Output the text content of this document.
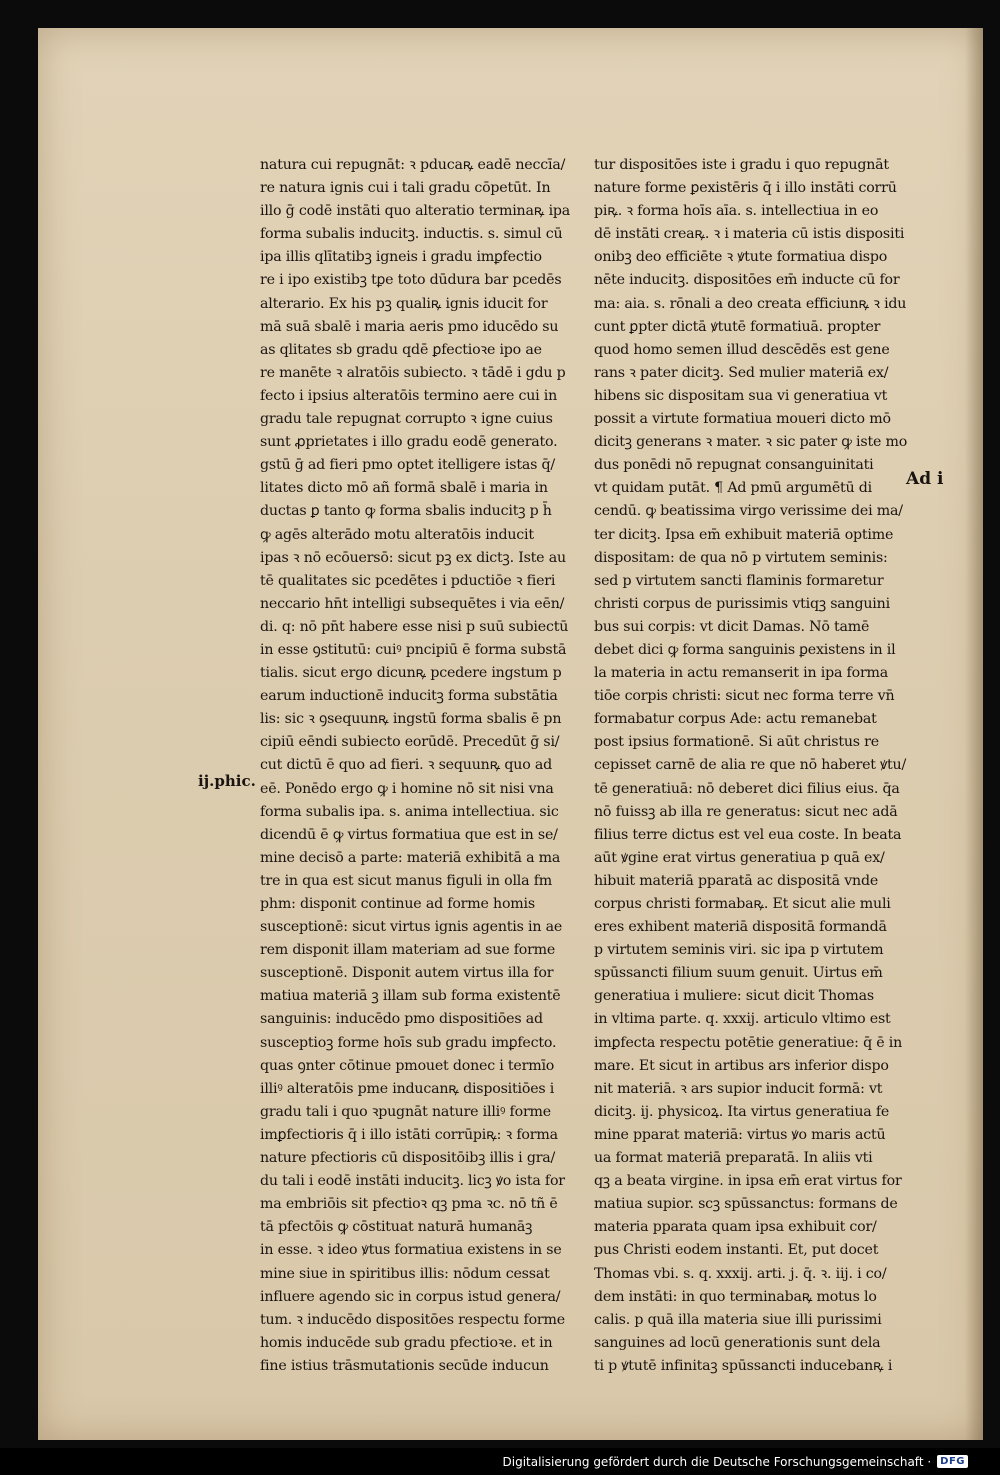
natura cui repugnāt: ꝛ pducaꝶ eadē neccīa/
re natura ignis cui i tali gradu cōpetūt. In
illo ḡ codē instāti quo alteratio terminaꝶ ipa
forma subalis inducitꝫ. inductis. s. simul cū
ipa illis qlītatibꝫ igneis i gradu imꝑfectio
re i ipo existibꝫ tꝑe toto dūdura bar pcedēs
alterario. Ex his pꝫ qualiꝶ ignis iducit for
mā suā sbalē i maria aeris pmo iducēdo su
as qlitates sb gradu qdē ꝑfectioꝛe ipo ae
re manēte ꝛ alratōis subiecto. ꝛ tādē i gdu p
fecto i ipsius alteratōis termino aere cui in
gradu tale repugnat corrupto ꝛ igne cuius
sunt ꝓprietates i illo gradu eodē generato.
gstū ḡ ad fieri pmo optet itelligere istas q̄/
litates dicto mō añ formā sbalē i maria in
ductas ꝑ tanto ꝙ forma sbalis inducitꝫ p h̄
ꝙ agēs alterādo motu alteratōis inducit
ipas ꝛ nō ecōuersō: sicut pꝫ ex dictꝫ. Iste au
tē qualitates sic pcedētes i pductiōe ꝛ fieri
neccario hn̄t intelligi subsequētes i via eēn/
di. q: nō pn̄t habere esse nisi p suū subiectū
in esse ꝯstitutū: cuiꝰ pncipiū ē forma substā
tialis. sicut ergo dicunꝶ pcedere ingstum p
earum inductionē inducitꝫ forma substātia
lis: sic ꝛ ꝯsequunꝶ ingstū forma sbalis ē pn
cipiū eēndi subiecto eorūdē. Precedūt ḡ si/
cut dictū ē quo ad fieri. ꝛ sequunꝶ quo ad
eē. Ponēdo ergo ꝙ i homine nō sit nisi vna
forma subalis ipa. s. anima intellectiua. sic
dicendū ē ꝙ virtus formatiua que est in se/
mine decisō a parte: materiā exhibitā a ma
tre in qua est sicut manus figuli in olla fm
phm: disponit continue ad forme homis
susceptionē: sicut virtus ignis agentis in ae
rem disponit illam materiam ad sue forme
susceptionē. Disponit autem virtus illa for
matiua materiā ꝫ illam sub forma existentē
sanguinis: inducēdo pmo dispositiōes ad
susceptioꝫ forme hoīs sub gradu imꝑfecto.
quas ꝯnter cōtinue pmouet donec i termīo
illiꝰ alteratōis pme inducanꝶ dispositiōes i
gradu tali i quo ꝛpugnāt nature illiꝰ forme
imꝑfectioris q̄ i illo istāti corrūpiꝶ: ꝛ forma
nature pfectioris cū dispositōibꝫ illis i gra/
du tali i eodē instāti inducitꝫ. licꝫ ꝟo ista for
ma embriōis sit pfectioꝛ qꝫ pma ꝛc. nō tñ ē
tā pfectōis ꝙ cōstituat naturā humanāꝫ
in esse. ꝛ ideo ꝟtus formatiua existens in se
mine siue in spiritibus illis: nōdum cessat
influere agendo sic in corpus istud genera/
tum. ꝛ inducēdo dispositōes respectu forme
homis inducēde sub gradu pfectioꝛe. et in
fine istius trāsmutationis secūde inducun
tur dispositōes iste i gradu i quo repugnāt
nature forme ꝑexistēris q̄ i illo instāti corrū
piꝶ. ꝛ forma hoīs aīa. s. intellectiua in eo
dē instāti creaꝶ. ꝛ i materia cū istis dispositi
onibꝫ deo efficiēte ꝛ ꝟtute formatiua dispo
nēte inducitꝫ. dispositōes em̄ inducte cū for
ma: aia. s. rōnali a deo creata efficiunꝶ ꝛ idu
cunt ꝑpter dictā ꝟtutē formatiuā. propter
quod homo semen illud descēdēs est gene
rans ꝛ pater dicitꝫ. Sed mulier materiā ex/
hibens sic dispositam sua vi generatiua vt
possit a virtute formatiua moueri dicto mō
dicitꝫ generans ꝛ mater. ꝛ sic pater ꝙ iste mo
dus ponēdi nō repugnat consanguinitati
vt quidam putāt. ¶ Ad pmū argumētū di
cendū. ꝙ beatissima virgo verissime dei ma/
ter dicitꝫ. Ipsa em̄ exhibuit materiā optime
dispositam: de qua nō p virtutem seminis:
sed p virtutem sancti flaminis formaretur
christi corpus de purissimis vtiqꝫ sanguini
bus sui corpis: vt dicit Damas. Nō tamē
debet dici ꝙ forma sanguinis ꝑexistens in il
la materia in actu remanserit in ipa forma
tiōe corpis christi: sicut nec forma terre vn̄
formabatur corpus Ade: actu remanebat
post ipsius formationē. Si aūt christus re
cepisset carnē de alia re que nō haberet ꝟtu/
tē generatiuā: nō deberet dici filius eius. q̄a
nō fuissꝫ ab illa re generatus: sicut nec adā
filius terre dictus est vel eua coste. In beata
aūt ꝟgine erat virtus generatiua p quā ex/
hibuit materiā pparatā ac dispositā vnde
corpus christi formabaꝶ. Et sicut alie muli
eres exhibent materiā dispositā formandā
p virtutem seminis viri. sic ipa p virtutem
spūssancti filium suum genuit. Uirtus em̄
generatiua i muliere: sicut dicit Thomas
in vltima parte. q. xxxij. articulo vltimo est
imꝑfecta respectu potētie generatiue: q̄ ē in
mare. Et sicut in artibus ars inferior dispo
nit materiā. ꝛ ars supior inducit formā: vt
dicitꝫ. ij. physicoꝝ. Ita virtus generatiua fe
mine pparat materiā: virtus ꝟo maris actū
ua format materiā preparatā. In aliis vti
qꝫ a beata virgine. in ipsa em̄ erat virtus for
matiua supior. scꝫ spūssanctus: formans de
materia pparata quam ipsa exhibuit cor/
pus Christi eodem instanti. Et, put docet
Thomas vbi. s. q. xxxij. arti. j. q̄. ꝛ. iij. i co/
dem instāti: in quo terminabaꝶ motus lo
calis. p quā illa materia siue illi purissimi
sanguines ad locū generationis sunt dela
ti p ꝟtutē infinitaꝫ spūssancti inducebanꝶ i
ij.phic.
Ad i
Digitalisierung gefördert durch die Deutsche Forschungsgemeinschaft · DFG
